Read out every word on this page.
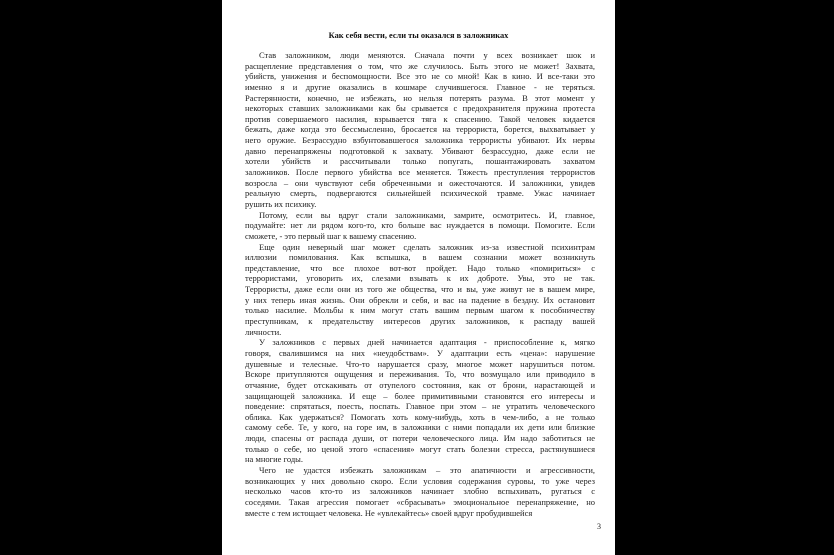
Как себя вести, если ты оказался в заложниках
Став заложником, люди меняются. Сначала почти у всех возникает шок и
расщепление представления о том, что же случилось. Быть этого не может! Захвата,
убийств, унижения и беспомощности. Все это не со мной! Как в кино. И все-таки это
именно я и другие оказались в кошмаре случившегося. Главное - не теряться.
Растерянности, конечно, не избежать, но нельзя потерять разума. В этот момент у
некоторых ставших заложниками как бы срывается с предохранителя пружина протеста
против совершаемого насилия, взрывается тяга к спасению. Такой человек кидается
бежать, даже когда это бессмысленно, бросается на террориста, борется, выхватывает у
него оружие. Безрассудно взбунтовавшегося заложника террористы убивают. Их нервы
давно перенапряжены подготовкой к захвату. Убивают безрассудно, даже если не
хотели убийств и рассчитывали только попугать, пошантажировать захватом
заложников. После первого убийства все меняется. Тяжесть преступления террористов
возросла – они чувствуют себя обреченными и ожесточаются. И заложники, увидев
реальную смерть, подвергаются сильнейшей психической травме. Ужас начинает
рушить их психику.
Потому, если вы вдруг стали заложниками, замрите, осмотритесь. И, главное,
подумайте: нет ли рядом кого-то, кто больше вас нуждается в помощи. Помогите. Если
сможете, - это первый шаг к вашему спасению.
Еще один неверный шаг может сделать заложник из-за известной психинтрам
иллюзии помилования. Как вспышка, в вашем сознании может возникнуть
представление, что все плохое вот-вот пройдет. Надо только «помириться» с
террористами, уговорить их, слезами взывать к их доброте. Увы, это не так.
Террористы, даже если они из того же общества, что и вы, уже живут не в вашем мире,
у них теперь иная жизнь. Они обрекли и себя, и вас на падение в бездну. Их остановит
только насилие. Мольбы к ним могут стать вашим первым шагом к пособничеству
преступникам, к предательству интересов других заложников, к распаду вашей
личности.
У заложников с первых дней начинается адаптация - приспособление к, мягко
говоря, свалившимся на них «неудобствам». У адаптации есть «цена»: нарушение
душевные и телесные. Что-то нарушается сразу, многое может нарушиться потом.
Вскоре притупляются ощущения и переживания. То, что возмущало или приводило в
отчаяние, будет отскакивать от отупелого состояния, как от брони, нарастающей и
защищающей заложника. И еще – более примитивными становятся его интересы и
поведение: спрятаться, поесть, поспать. Главное при этом – не утратить человеческого
облика. Как удержаться? Помогать хоть кому-нибудь, хоть в чем-либо, а не только
самому себе. Те, у кого, на горе им, в заложники с ними попадали их дети или близкие
люди, спасены от распада души, от потери человеческого лица. Им надо заботиться не
только о себе, но ценой этого «спасения» могут стать болезни стресса, растянувшиеся
на многие годы.
Чего не удастся избежать заложникам – это апатичности и агрессивности,
возникающих у них довольно скоро. Если условия содержания суровы, то уже через
несколько часов кто-то из заложников начинает злобно вспыхивать, ругаться с
соседями. Такая агрессия помогает «сбрасывать» эмоциональное перенапряжение, но
вместе с тем истощает человека. Не «увлекайтесь» своей вдруг пробудившейся
3
